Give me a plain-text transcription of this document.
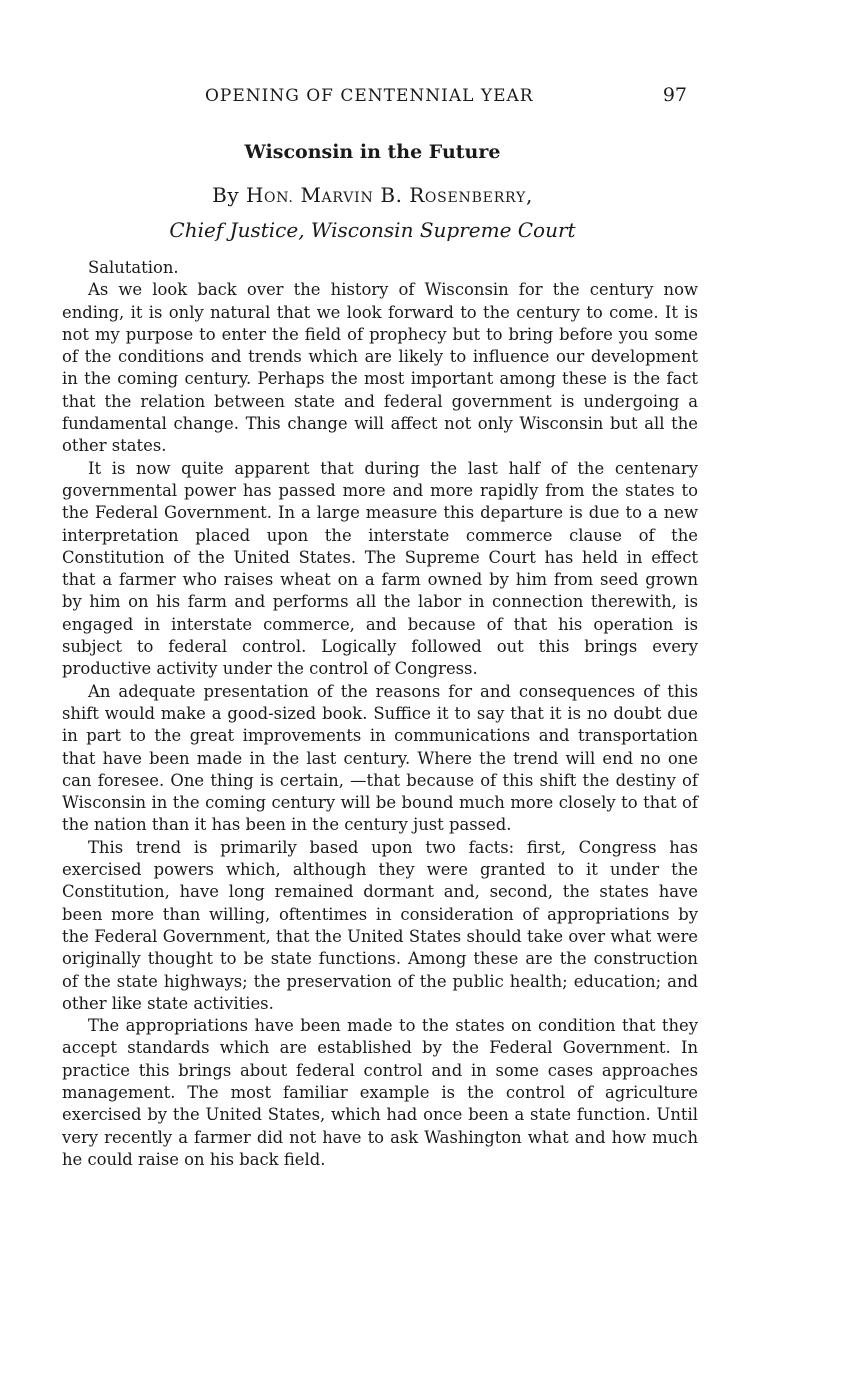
OPENING OF CENTENNIAL YEAR	97
Wisconsin in the Future
By HON. MARVIN B. ROSENBERRY,
Chief Justice, Wisconsin Supreme Court

Salutation.

As we look back over the history of Wisconsin for the century now ending, it is only natural that we look forward to the century to come. It is not my purpose to enter the field of prophecy but to bring before you some of the conditions and trends which are likely to influence our development in the coming century. Perhaps the most important among these is the fact that the relation between state and federal government is undergoing a fundamental change. This change will affect not only Wisconsin but all the other states.

It is now quite apparent that during the last half of the centenary governmental power has passed more and more rapidly from the states to the Federal Government. In a large measure this departure is due to a new interpretation placed upon the interstate commerce clause of the Constitution of the United States. The Supreme Court has held in effect that a farmer who raises wheat on a farm owned by him from seed grown by him on his farm and performs all the labor in connection therewith, is engaged in interstate commerce, and because of that his operation is subject to federal control. Logically followed out this brings every productive activity under the control of Congress.

An adequate presentation of the reasons for and consequences of this shift would make a good-sized book. Suffice it to say that it is no doubt due in part to the great improvements in communications and transportation that have been made in the last century. Where the trend will end no one can foresee. One thing is certain, —that because of this shift the destiny of Wisconsin in the coming century will be bound much more closely to that of the nation than it has been in the century just passed.

This trend is primarily based upon two facts: first, Congress has exercised powers which, although they were granted to it under the Constitution, have long remained dormant and, second, the states have been more than willing, oftentimes in consideration of appropriations by the Federal Government, that the United States should take over what were originally thought to be state functions. Among these are the construction of the state highways; the preservation of the public health; education; and other like state activities.

The appropriations have been made to the states on condition that they accept standards which are established by the Federal Government. In practice this brings about federal control and in some cases approaches management. The most familiar example is the control of agriculture exercised by the United States, which had once been a state function. Until very recently a farmer did not have to ask Washington what and how much he could raise on his back field.
